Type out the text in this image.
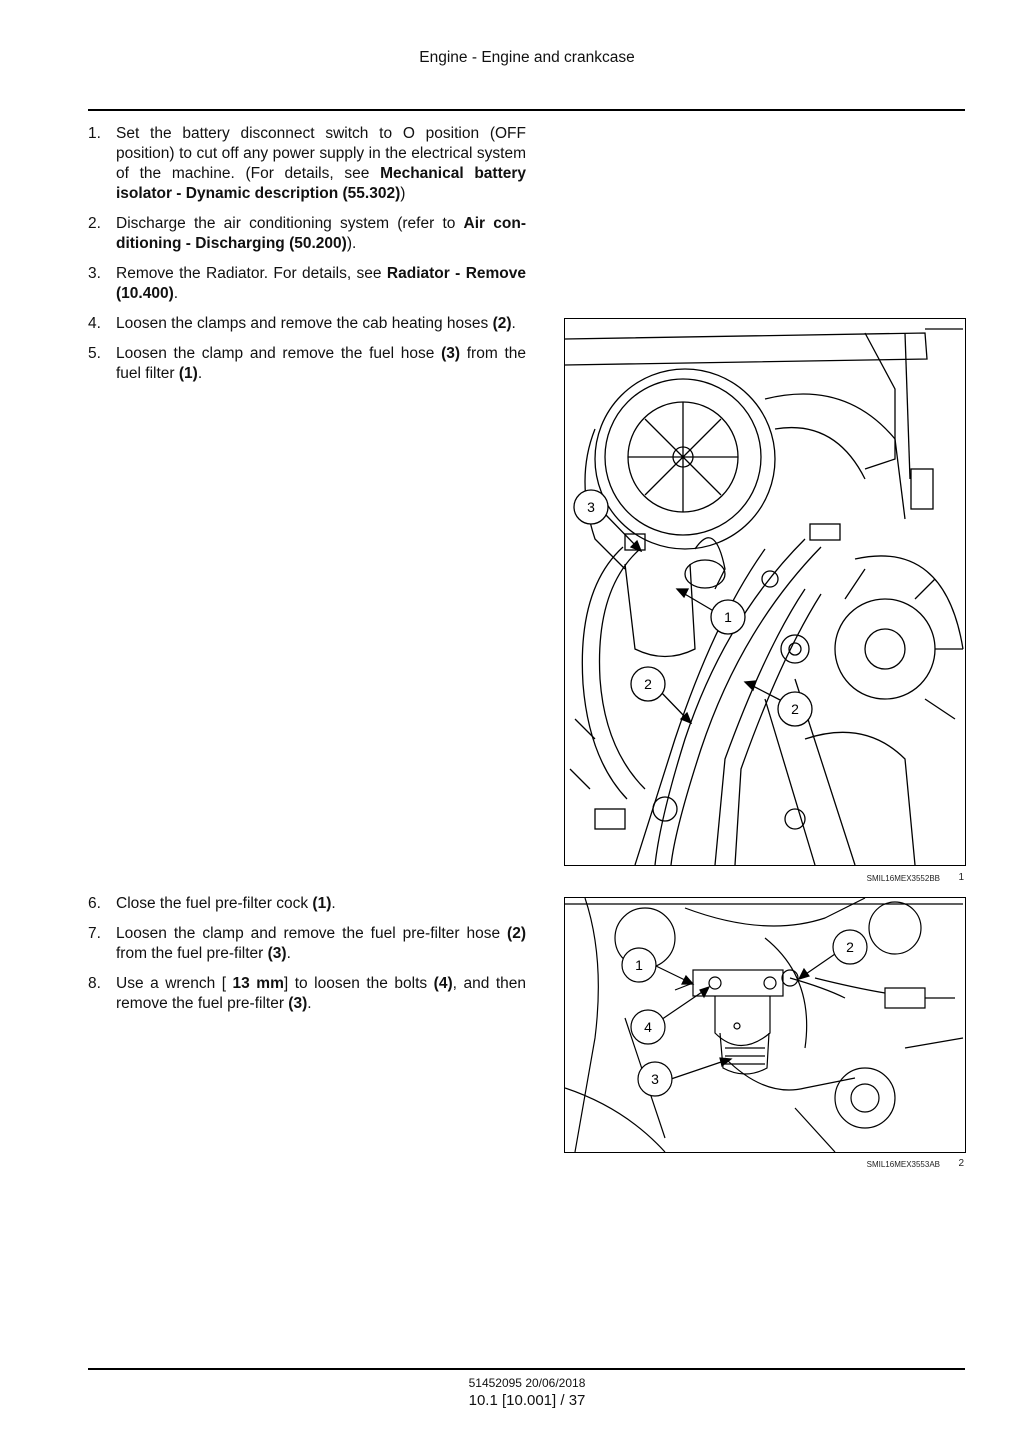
Engine - Engine and crankcase
1. Set the battery disconnect switch to O position (OFF position) to cut off any power supply in the electrical system of the machine. (For details, see Mechanical battery isolator - Dynamic description (55.302))
2. Discharge the air conditioning system (refer to Air conditioning - Discharging (50.200)).
3. Remove the Radiator. For details, see Radiator - Remove (10.400).
4. Loosen the clamps and remove the cab heating hoses (2).
5. Loosen the clamp and remove the fuel hose (3) from the fuel filter (1).
6. Close the fuel pre-filter cock (1).
7. Loosen the clamp and remove the fuel pre-filter hose (2) from the fuel pre-filter (3).
8. Use a wrench [ 13 mm] to loosen the bolts (4), and then remove the fuel pre-filter (3).
3
1
2
2
SMIL16MEX3552BB 1
1
2
4
3
SMIL16MEX3553AB 2
51452095 20/06/2018
10.1 [10.001] / 37
